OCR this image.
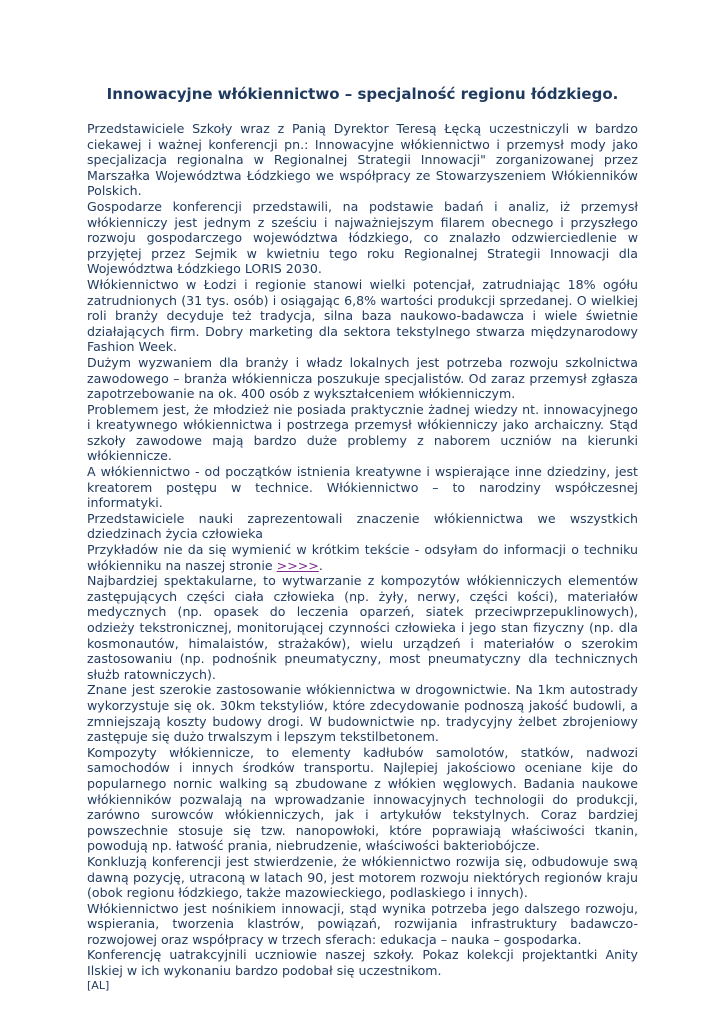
Innowacyjne włókiennictwo – specjalność regionu łódzkiego.

Przedstawiciele Szkoły wraz z Panią Dyrektor Teresą Łęcką uczestniczyli w bardzo ciekawej i ważnej konferencji pn.: Innowacyjne włókiennictwo i przemysł mody jako specjalizacja regionalna w Regionalnej Strategii Innowacji" zorganizowanej przez Marszałka Województwa Łódzkiego we współpracy ze Stowarzyszeniem Włókienników Polskich.

Gospodarze konferencji przedstawili, na podstawie badań i analiz, iż przemysł włókienniczy jest jednym z sześciu i najważniejszym filarem obecnego i przyszłego rozwoju gospodarczego województwa łódzkiego, co znalazło odzwierciedlenie w przyjętej przez Sejmik w kwietniu tego roku Regionalnej Strategii Innowacji dla Województwa Łódzkiego LORIS 2030.

Włókiennictwo w Łodzi i regionie stanowi wielki potencjał, zatrudniając 18% ogółu zatrudnionych (31 tys. osób) i osiągając 6,8% wartości produkcji sprzedanej. O wielkiej roli branży decyduje też tradycja, silna baza naukowo-badawcza i wiele świetnie działających firm. Dobry marketing dla sektora tekstylnego stwarza międzynarodowy Fashion Week.

Dużym wyzwaniem dla branży i władz lokalnych jest potrzeba rozwoju szkolnictwa zawodowego – branża włókiennicza poszukuje specjalistów. Od zaraz przemysł zgłasza zapotrzebowanie na ok. 400 osób z wykształceniem włókienniczym.

Problemem jest, że młodzież nie posiada praktycznie żadnej wiedzy nt. innowacyjnego i kreatywnego włókiennictwa i postrzega przemysł włókienniczy jako archaiczny. Stąd szkoły zawodowe mają bardzo duże problemy z naborem uczniów na kierunki włókiennicze.

A włókiennictwo - od początków istnienia kreatywne i wspierające inne dziedziny, jest kreatorem postępu w technice. Włókiennictwo – to narodziny współczesnej informatyki.

Przedstawiciele nauki zaprezentowali znaczenie włókiennictwa we wszystkich dziedzinach życia człowieka

Przykładów nie da się wymienić w krótkim tekście - odsyłam do informacji o techniku włókienniku na naszej stronie >>>>.

Najbardziej spektakularne, to wytwarzanie z kompozytów włókienniczych elementów zastępujących części ciała człowieka (np. żyły, nerwy, części kości), materiałów medycznych (np. opasek do leczenia oparzeń, siatek przeciwprzepuklinowych), odzieży tekstronicznej, monitorującej czynności człowieka i jego stan fizyczny (np. dla kosmonautów, himalaistów, strażaków), wielu urządzeń i materiałów o szerokim zastosowaniu (np. podnośnik pneumatyczny, most pneumatyczny dla technicznych służb ratowniczych).

Znane jest szerokie zastosowanie włókiennictwa w drogownictwie. Na 1km autostrady wykorzystuje się ok. 30km tekstyliów, które zdecydowanie podnoszą jakość budowli, a zmniejszają koszty budowy drogi. W budownictwie np. tradycyjny żelbet zbrojeniowy zastępuje się dużo trwalszym i lepszym tekstilbetonem.

Kompozyty włókiennicze, to elementy kadłubów samolotów, statków, nadwozi samochodów i innych środków transportu. Najlepiej jakościowo oceniane kije do popularnego nornic walking są zbudowane z włókien węglowych. Badania naukowe włókienników pozwalają na wprowadzanie innowacyjnych technologii do produkcji, zarówno surowców włókienniczych, jak i artykułów tekstylnych. Coraz bardziej powszechnie stosuje się tzw. nanopowłoki, które poprawiają właściwości tkanin, powodują np. łatwość prania, niebrudzenie, właściwości bakteriobójcze.

Konkluzją konferencji jest stwierdzenie, że włókiennictwo rozwija się, odbudowuje swą dawną pozycję, utraconą w latach 90, jest motorem rozwoju niektórych regionów kraju (obok regionu łódzkiego, także mazowieckiego, podlaskiego i innych).

Włókiennictwo jest nośnikiem innowacji, stąd wynika potrzeba jego dalszego rozwoju, wspierania, tworzenia klastrów, powiązań, rozwijania infrastruktury badawczo-rozwojowej oraz współpracy w trzech sferach: edukacja – nauka – gospodarka.

Konferencję uatrakcyjnili uczniowie naszej szkoły. Pokaz kolekcji projektantki Anity Ilskiej w ich wykonaniu bardzo podobał się uczestnikom.

[AL]
